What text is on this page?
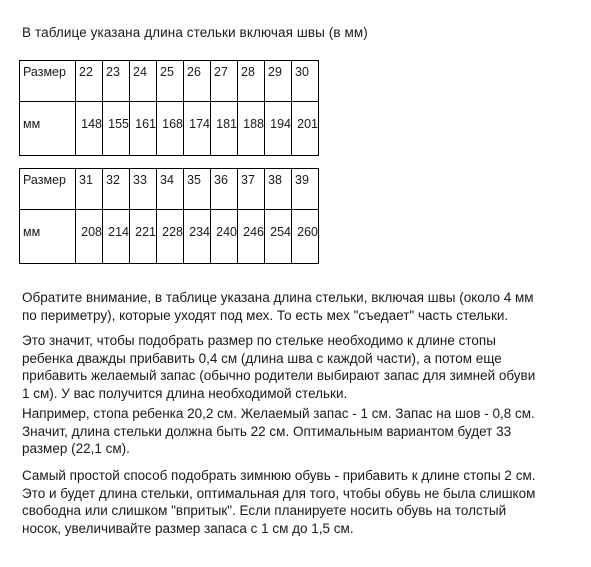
В таблице указана длина стельки включая швы (в мм)
Размер	22	23	24	25	26	27	28	29	30
мм	148	155	161	168	174	181	188	194	201
Размер	31	32	33	34	35	36	37	38	39
мм	208	214	221	228	234	240	246	254	260
Обратите внимание, в таблице указана длина стельки, включая швы (около 4 мм
по периметру), которые уходят под мех. То есть мех "съедает" часть стельки.
Это значит, чтобы подобрать размер по стельке необходимо к длине стопы
ребенка дважды прибавить 0,4 см (длина шва с каждой части), а потом еще
прибавить желаемый запас (обычно родители выбирают запас для зимней обуви
1 см). У вас получится длина необходимой стельки.
Например, стопа ребенка 20,2 см. Желаемый запас - 1 см. Запас на шов - 0,8 см.
Значит, длина стельки должна быть 22 см. Оптимальным вариантом будет 33
размер (22,1 см).
Самый простой способ подобрать зимнюю обувь - прибавить к длине стопы 2 см.
Это и будет длина стельки, оптимальная для того, чтобы обувь не была слишком
свободна или слишком "впритык". Если планируете носить обувь на толстый
носок, увеличивайте размер запаса с 1 см до 1,5 см.
